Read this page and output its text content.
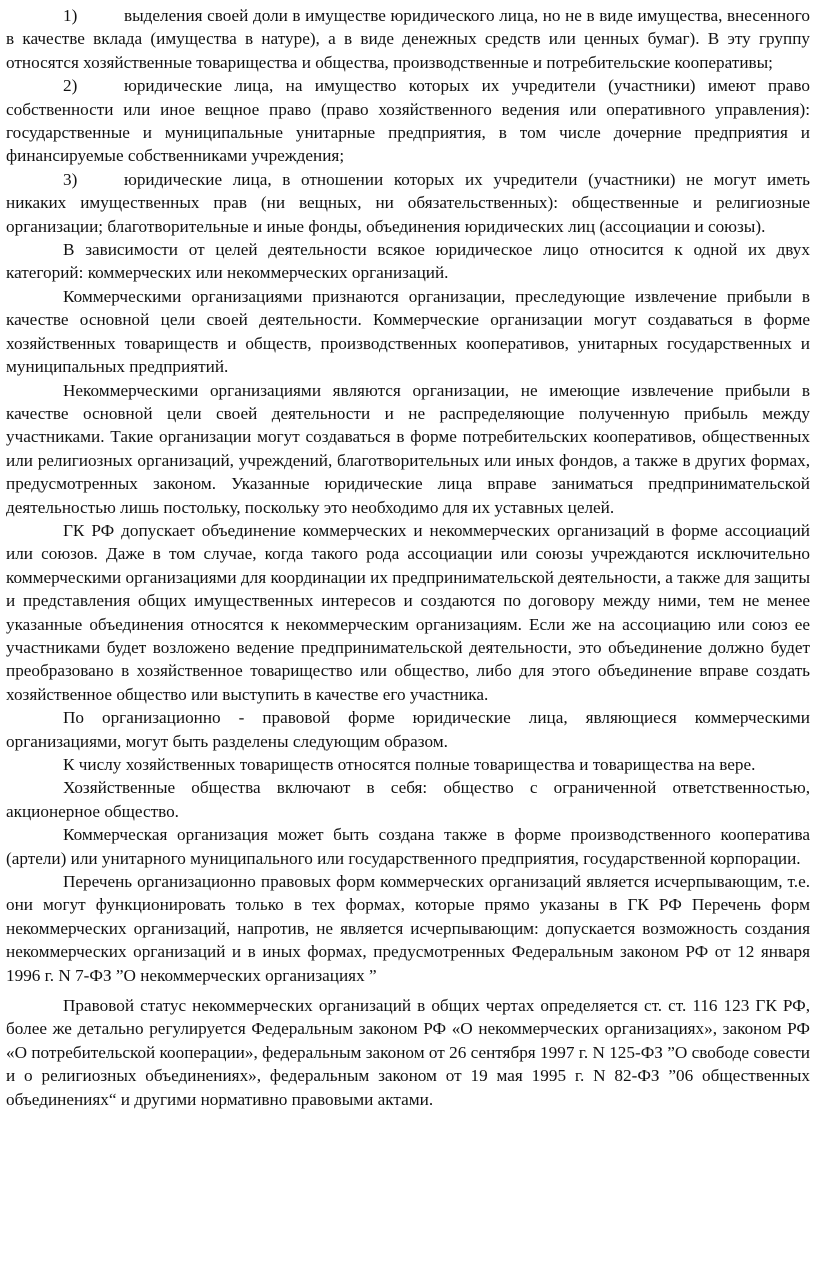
1)	выделения своей доли в имуществе юридического лица, но не в виде имущества, внесенного в качестве вклада (имущества в натуре), а в виде денежных средств или ценных бумаг). В эту группу относятся хозяйственные товарищества и общества, производственные и потребительские кооперативы;

2)	юридические лица, на имущество которых их учредители (участники) имеют право собственности или иное вещное право (право хозяйственного ведения или оперативного управления): государственные и муниципальные унитарные предприятия, в том числе дочерние предприятия и финансируемые собственниками учреждения;

3)	юридические лица, в отношении которых их учредители (участники) не могут иметь никаких имущественных прав (ни вещных, ни обязательственных): общественные и религиозные организации; благотворительные и иные фонды, объединения юридических лиц (ассоциации и союзы).

В зависимости от целей деятельности всякое юридическое лицо относится к одной их двух категорий: коммерческих или некоммерческих организаций.

Коммерческими организациями признаются организации, преследующие извлечение прибыли в качестве основной цели своей деятельности. Коммерческие организации могут создаваться в форме хозяйственных товариществ и обществ, производственных кооперативов, унитарных государственных и муниципальных предприятий.

Некоммерческими организациями являются организации, не имеющие извлечение прибыли в качестве основной цели своей деятельности и не распределяющие полученную прибыль между участниками. Такие организации могут создаваться в форме потребительских кооперативов, общественных или религиозных организаций, учреждений, благотворительных или иных фондов, а также в других формах, предусмотренных законом. Указанные юридические лица вправе заниматься предпринимательской деятельностью лишь постольку, поскольку это необходимо для их уставных целей.

ГК РФ допускает объединение коммерческих и некоммерческих организаций в форме ассоциаций или союзов. Даже в том случае, когда такого рода ассоциации или союзы учреждаются исключительно коммерческими организациями для координации их предпринимательской деятельности, а также для защиты и представления общих имущественных интересов и создаются по договору между ними, тем не менее указанные объединения относятся к некоммерческим организациям. Если же на ассоциацию или союз ее участниками будет возложено ведение предпринимательской деятельности, это объединение должно будет преобразовано в хозяйственное товарищество или общество, либо для этого объединение вправе создать хозяйственное общество или выступить в качестве его участника.

По организационно - правовой форме юридические лица, являющиеся коммерческими организациями, могут быть разделены следующим образом.

К числу хозяйственных товариществ относятся полные товарищества и товарищества на вере.

Хозяйственные общества включают в себя: общество с ограниченной ответственностью, акционерное общество.

Коммерческая организация может быть создана также в форме производственного кооператива (артели) или унитарного муниципального или государственного предприятия, государственной корпорации.

Перечень организационно правовых форм коммерческих организаций является исчерпывающим, т.е. они могут функционировать только в тех формах, которые прямо указаны в ГК РФ Перечень форм некоммерческих организаций, напротив, не является исчерпывающим: допускается возможность создания некоммерческих организаций и в иных формах, предусмотренных Федеральным законом РФ от 12 января 1996 г. N 7-ФЗ ”О некоммерческих организациях ”

Правовой статус некоммерческих организаций в общих чертах определяется ст. ст. 116 123 ГК РФ, более же детально регулируется Федеральным законом РФ «О некоммерческих организациях», законом РФ «О потребительской кооперации», федеральным законом от 26 сентября 1997 г. N 125-ФЗ ”О свободе совести и о религиозных объединениях», федеральным законом от 19 мая 1995 г. N 82-ФЗ ”06 общественных объединениях“ и другими нормативно правовыми актами.
